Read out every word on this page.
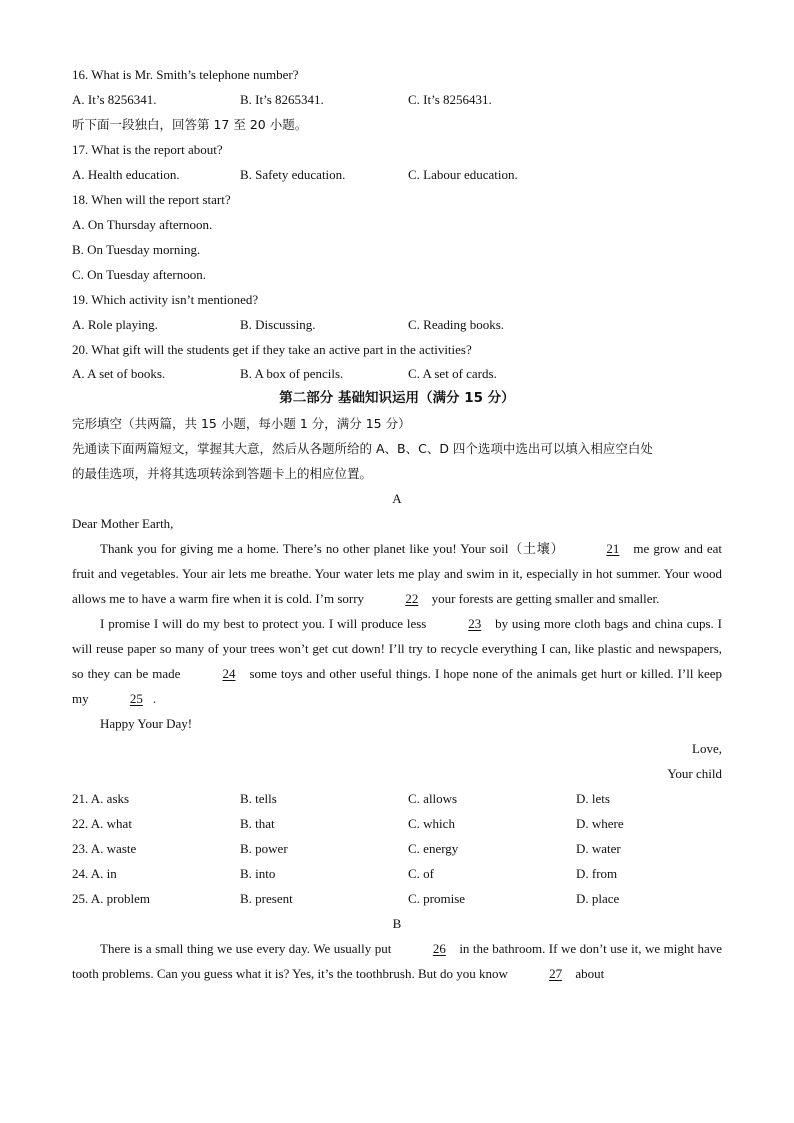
16. What is Mr. Smith’s telephone number?
A. It’s 8256341.	B. It’s 8265341.	C. It’s 8256431.
听下面一段独白，回答第 17 至 20 小题。
17. What is the report about?
A. Health education.	B. Safety education.	C. Labour education.
18. When will the report start?
A. On Thursday afternoon.
B. On Tuesday morning.
C. On Tuesday afternoon.
19. Which activity isn’t mentioned?
A. Role playing.	B. Discussing.	C. Reading books.
20. What gift will the students get if they take an active part in the activities?
A. A set of books.	B. A box of pencils.	C. A set of cards.
第二部分 基础知识运用（满分 15 分）
完形填空（共两篇，共 15 小题，每小题 1 分，满分 15 分）
先通读下面两篇短文，掌握其大意，然后从各题所给的 A、B、C、D 四个选项中选出可以填入相应空白处
的最佳选项，并将其选项转涂到答题卡上的相应位置。
A
Dear Mother Earth,
Thank you for giving me a home. There’s no other planet like you! Your soil（土壤）	21 me grow and eat fruit and vegetables. Your air lets me breathe. Your water lets me play and swim in it, especially in hot summer. Your wood allows me to have a warm fire when it is cold. I’m sorry	22 your forests are getting smaller and smaller.
I promise I will do my best to protect you. I will produce less	23 by using more cloth bags and china cups. I will reuse paper so many of your trees won’t get cut down! I’ll try to recycle everything I can, like plastic and newspapers, so they can be made	24 some toys and other useful things. I hope none of the animals get hurt or killed. I’ll keep my	25 .
Happy Your Day!
Love,
Your child
21. A. asks	B. tells	C. allows	D. lets
22. A. what	B. that	C. which	D. where
23. A. waste	B. power	C. energy	D. water
24. A. in	B. into	C. of	D. from
25. A. problem	B. present	C. promise	D. place
B
There is a small thing we use every day. We usually put	26 in the bathroom. If we don’t use it, we might have tooth problems. Can you guess what it is? Yes, it’s the toothbrush. But do you know	27 about
